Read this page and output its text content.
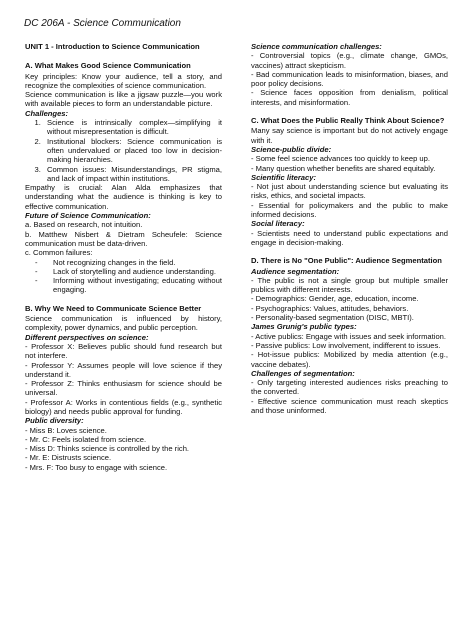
DC 206A - Science Communication
UNIT 1 - Introduction to Science Communication
A. What Makes Good Science Communication

Key principles: Know your audience, tell a story, and recognize the complexities of science communication.

Science communication is like a jigsaw puzzle—you work with available pieces to form an understandable picture.

Challenges:
1. Science is intrinsically complex—simplifying it without misrepresentation is difficult.
2. Institutional blockers: Science communication is often undervalued or placed too low in decision-making hierarchies.
3. Common issues: Misunderstandings, PR stigma, and lack of impact within institutions.

Empathy is crucial: Alan Alda emphasizes that understanding what the audience is thinking is key to effective communication.

Future of Science Communication:

a. Based on research, not intuition.

b. Matthew Nisbert & Dietram Scheufele: Science communication must be data-driven.

c. Common failures:

- Not recognizing changes in the field.
- Lack of storytelling and audience understanding.
- Informing without investigating; educating without engaging.
B. Why We Need to Communicate Science Better

Science communication is influenced by history, complexity, power dynamics, and public perception.

Different perspectives on science:

- Professor X: Believes public should fund research but not interfere.

- Professor Y: Assumes people will love science if they understand it.

- Professor Z: Thinks enthusiasm for science should be universal.

- Professor A: Works in contentious fields (e.g., synthetic biology) and needs public approval for funding.

Public diversity:

- Miss B: Loves science.

- Mr. C: Feels isolated from science.

- Miss D: Thinks science is controlled by the rich.

- Mr. E: Distrusts science.

- Mrs. F: Too busy to engage with science.

Science communication challenges:

- Controversial topics (e.g., climate change, GMOs, vaccines) attract skepticism.

- Bad communication leads to misinformation, biases, and poor policy decisions.

- Science faces opposition from denialism, political interests, and misinformation.

C. What Does the Public Really Think About Science?

Many say science is important but do not actively engage with it.

Science-public divide:

- Some feel science advances too quickly to keep up.

- Many question whether benefits are shared equitably.

Scientific literacy:

- Not just about understanding science but evaluating its risks, ethics, and societal impacts.

- Essential for policymakers and the public to make informed decisions.

Social literacy:

- Scientists need to understand public expectations and engage in decision-making.

D. There is No "One Public": Audience Segmentation
Audience segmentation:

- The public is not a single group but multiple smaller publics with different interests.

- Demographics: Gender, age, education, income.

- Psychographics: Values, attitudes, behaviors.

- Personality-based segmentation (DISC, MBTI).

James Grunig's public types:

- Active publics: Engage with issues and seek information.

- Passive publics: Low involvement, indifferent to issues.

- Hot-issue publics: Mobilized by media attention (e.g., vaccine debates).

Challenges of segmentation:

- Only targeting interested audiences risks preaching to the converted.

- Effective science communication must reach skeptics and those uninformed.
